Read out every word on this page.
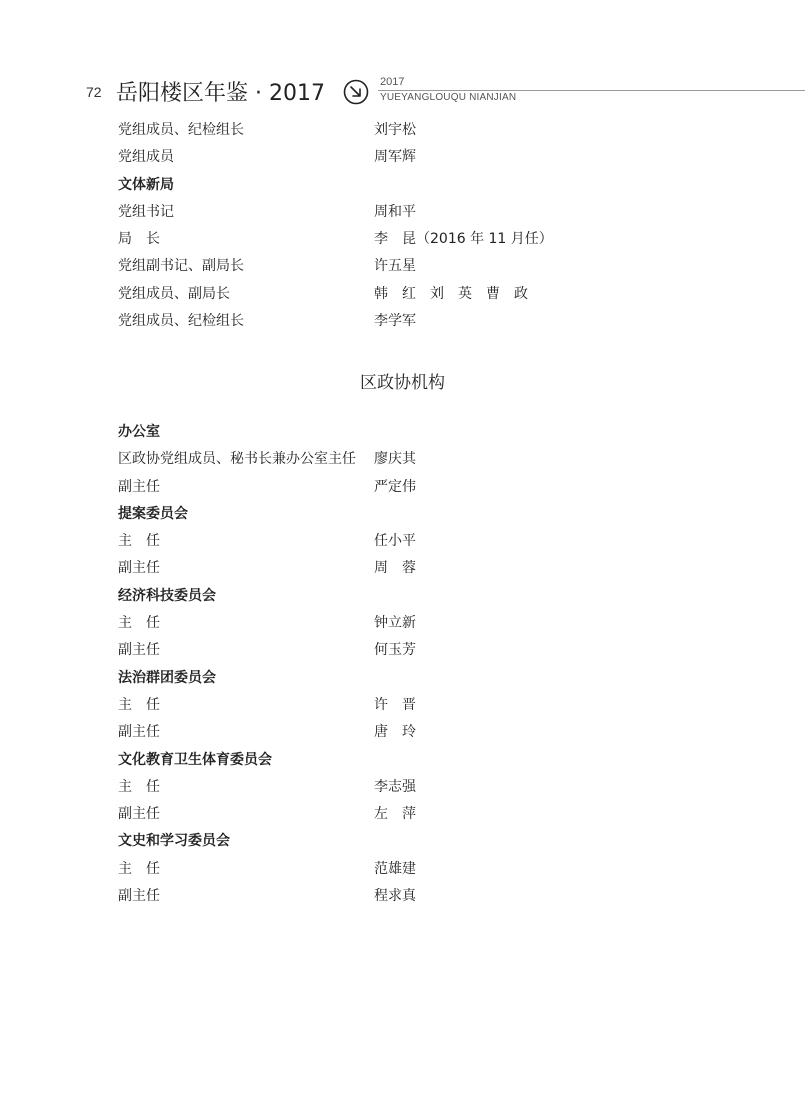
72 岳阳楼区年鉴 · 2017	2017
YUEYANGLOUQU NIANJIAN
党组成员、纪检组长	刘宇松
党组成员	周军辉
文体新局
党组书记	周和平
局　长	李　昆（2016 年 11 月任）
党组副书记、副局长	许五星
党组成员、副局长	韩　红　刘　英　曹　政
党组成员、纪检组长	李学军
区政协机构
办公室
区政协党组成员、秘书长兼办公室主任 廖庆其
副主任	严定伟
提案委员会
主　任	任小平
副主任	周　蓉
经济科技委员会
主　任	钟立新
副主任	何玉芳
法治群团委员会
主　任	许　晋
副主任	唐　玲
文化教育卫生体育委员会
主　任	李志强
副主任	左　萍
文史和学习委员会
主　任	范雄建
副主任	程求真
